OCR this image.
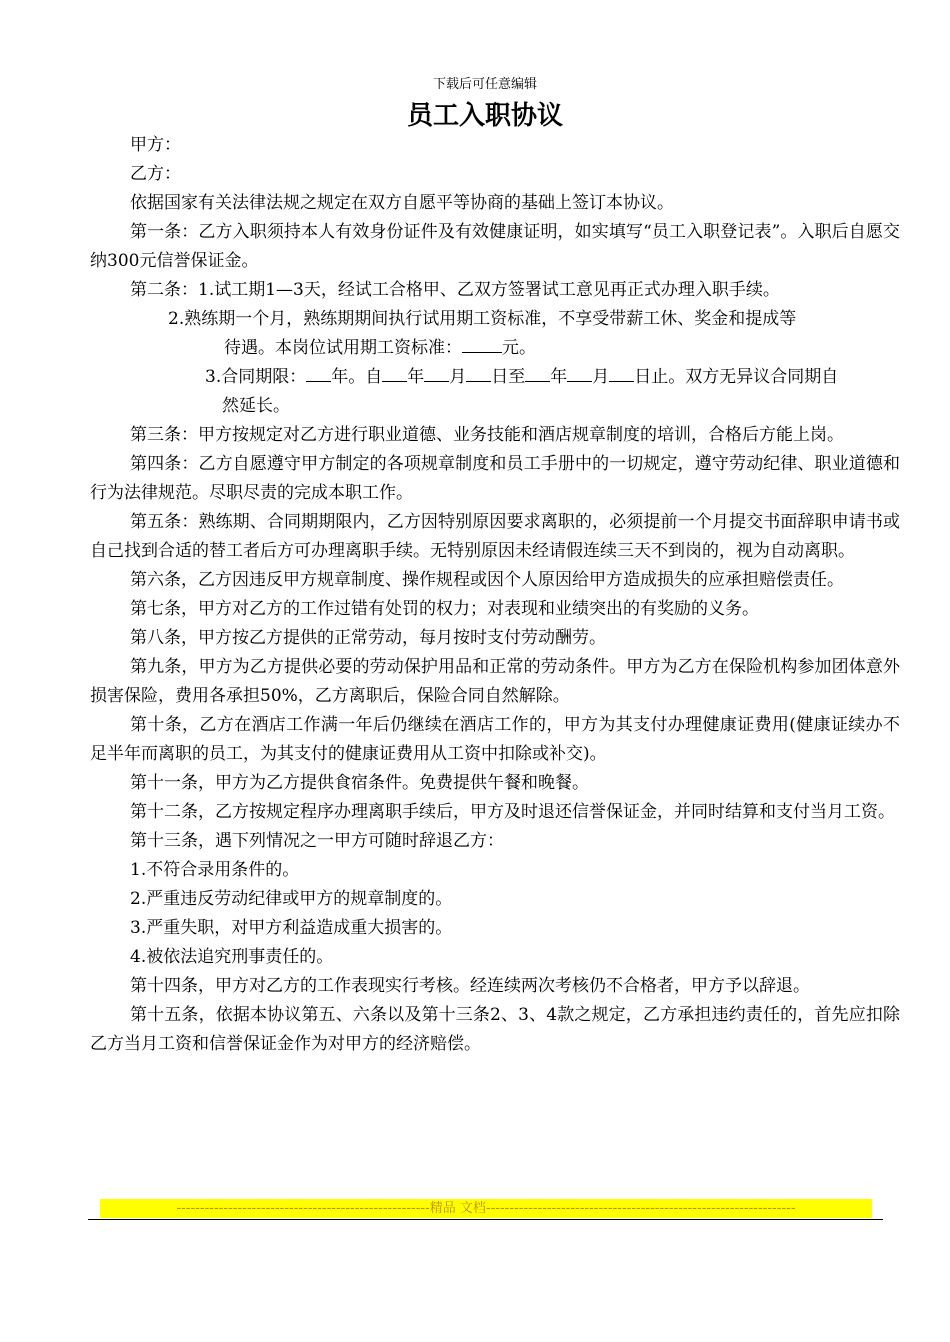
下载后可任意编辑
员工入职协议

甲方：

乙方：

依据国家有关法律法规之规定在双方自愿平等协商的基础上签订本协议。

第一条：乙方入职须持本人有效身份证件及有效健康证明，如实填写“员工入职登记表”。入职后自愿交纳300元信誉保证金。

第二条：1.试工期1—3天，经试工合格甲、乙双方签署试工意见再正式办理入职手续。

2.熟练期一个月，熟练期期间执行试用期工资标准，不享受带薪工休、奖金和提成等
待遇。本岗位试用期工资标准： 元。

3.合同期限： 年。自 年 月 日至 年 月 日止。双方无异议合同期自
然延长。

第三条：甲方按规定对乙方进行职业道德、业务技能和酒店规章制度的培训，合格后方能上岗。

第四条：乙方自愿遵守甲方制定的各项规章制度和员工手册中的一切规定，遵守劳动纪律、职业道德和行为法律规范。尽职尽责的完成本职工作。

第五条：熟练期、合同期期限内，乙方因特别原因要求离职的，必须提前一个月提交书面辞职申请书或自己找到合适的替工者后方可办理离职手续。无特别原因未经请假连续三天不到岗的，视为自动离职。

第六条，乙方因违反甲方规章制度、操作规程或因个人原因给甲方造成损失的应承担赔偿责任。

第七条，甲方对乙方的工作过错有处罚的权力；对表现和业绩突出的有奖励的义务。

第八条，甲方按乙方提供的正常劳动，每月按时支付劳动酬劳。

第九条，甲方为乙方提供必要的劳动保护用品和正常的劳动条件。甲方为乙方在保险机构参加团体意外损害保险，费用各承担50%，乙方离职后，保险合同自然解除。

第十条，乙方在酒店工作满一年后仍继续在酒店工作的，甲方为其支付办理健康证费用(健康证续办不足半年而离职的员工，为其支付的健康证费用从工资中扣除或补交)。

第十一条，甲方为乙方提供食宿条件。免费提供午餐和晚餐。

第十二条，乙方按规定程序办理离职手续后，甲方及时退还信誉保证金，并同时结算和支付当月工资。

第十三条，遇下列情况之一甲方可随时辞退乙方：

1.不符合录用条件的。

2.严重违反劳动纪律或甲方的规章制度的。

3.严重失职，对甲方利益造成重大损害的。

4.被依法追究刑事责任的。

第十四条，甲方对乙方的工作表现实行考核。经连续两次考核仍不合格者，甲方予以辞退。

第十五条，依据本协议第五、六条以及第十三条2、3、4款之规定，乙方承担违约责任的，首先应扣除乙方当月工资和信誉保证金作为对甲方的经济赔偿。

------------------------------------------------------精品 文档------------------------------------------------------------------
